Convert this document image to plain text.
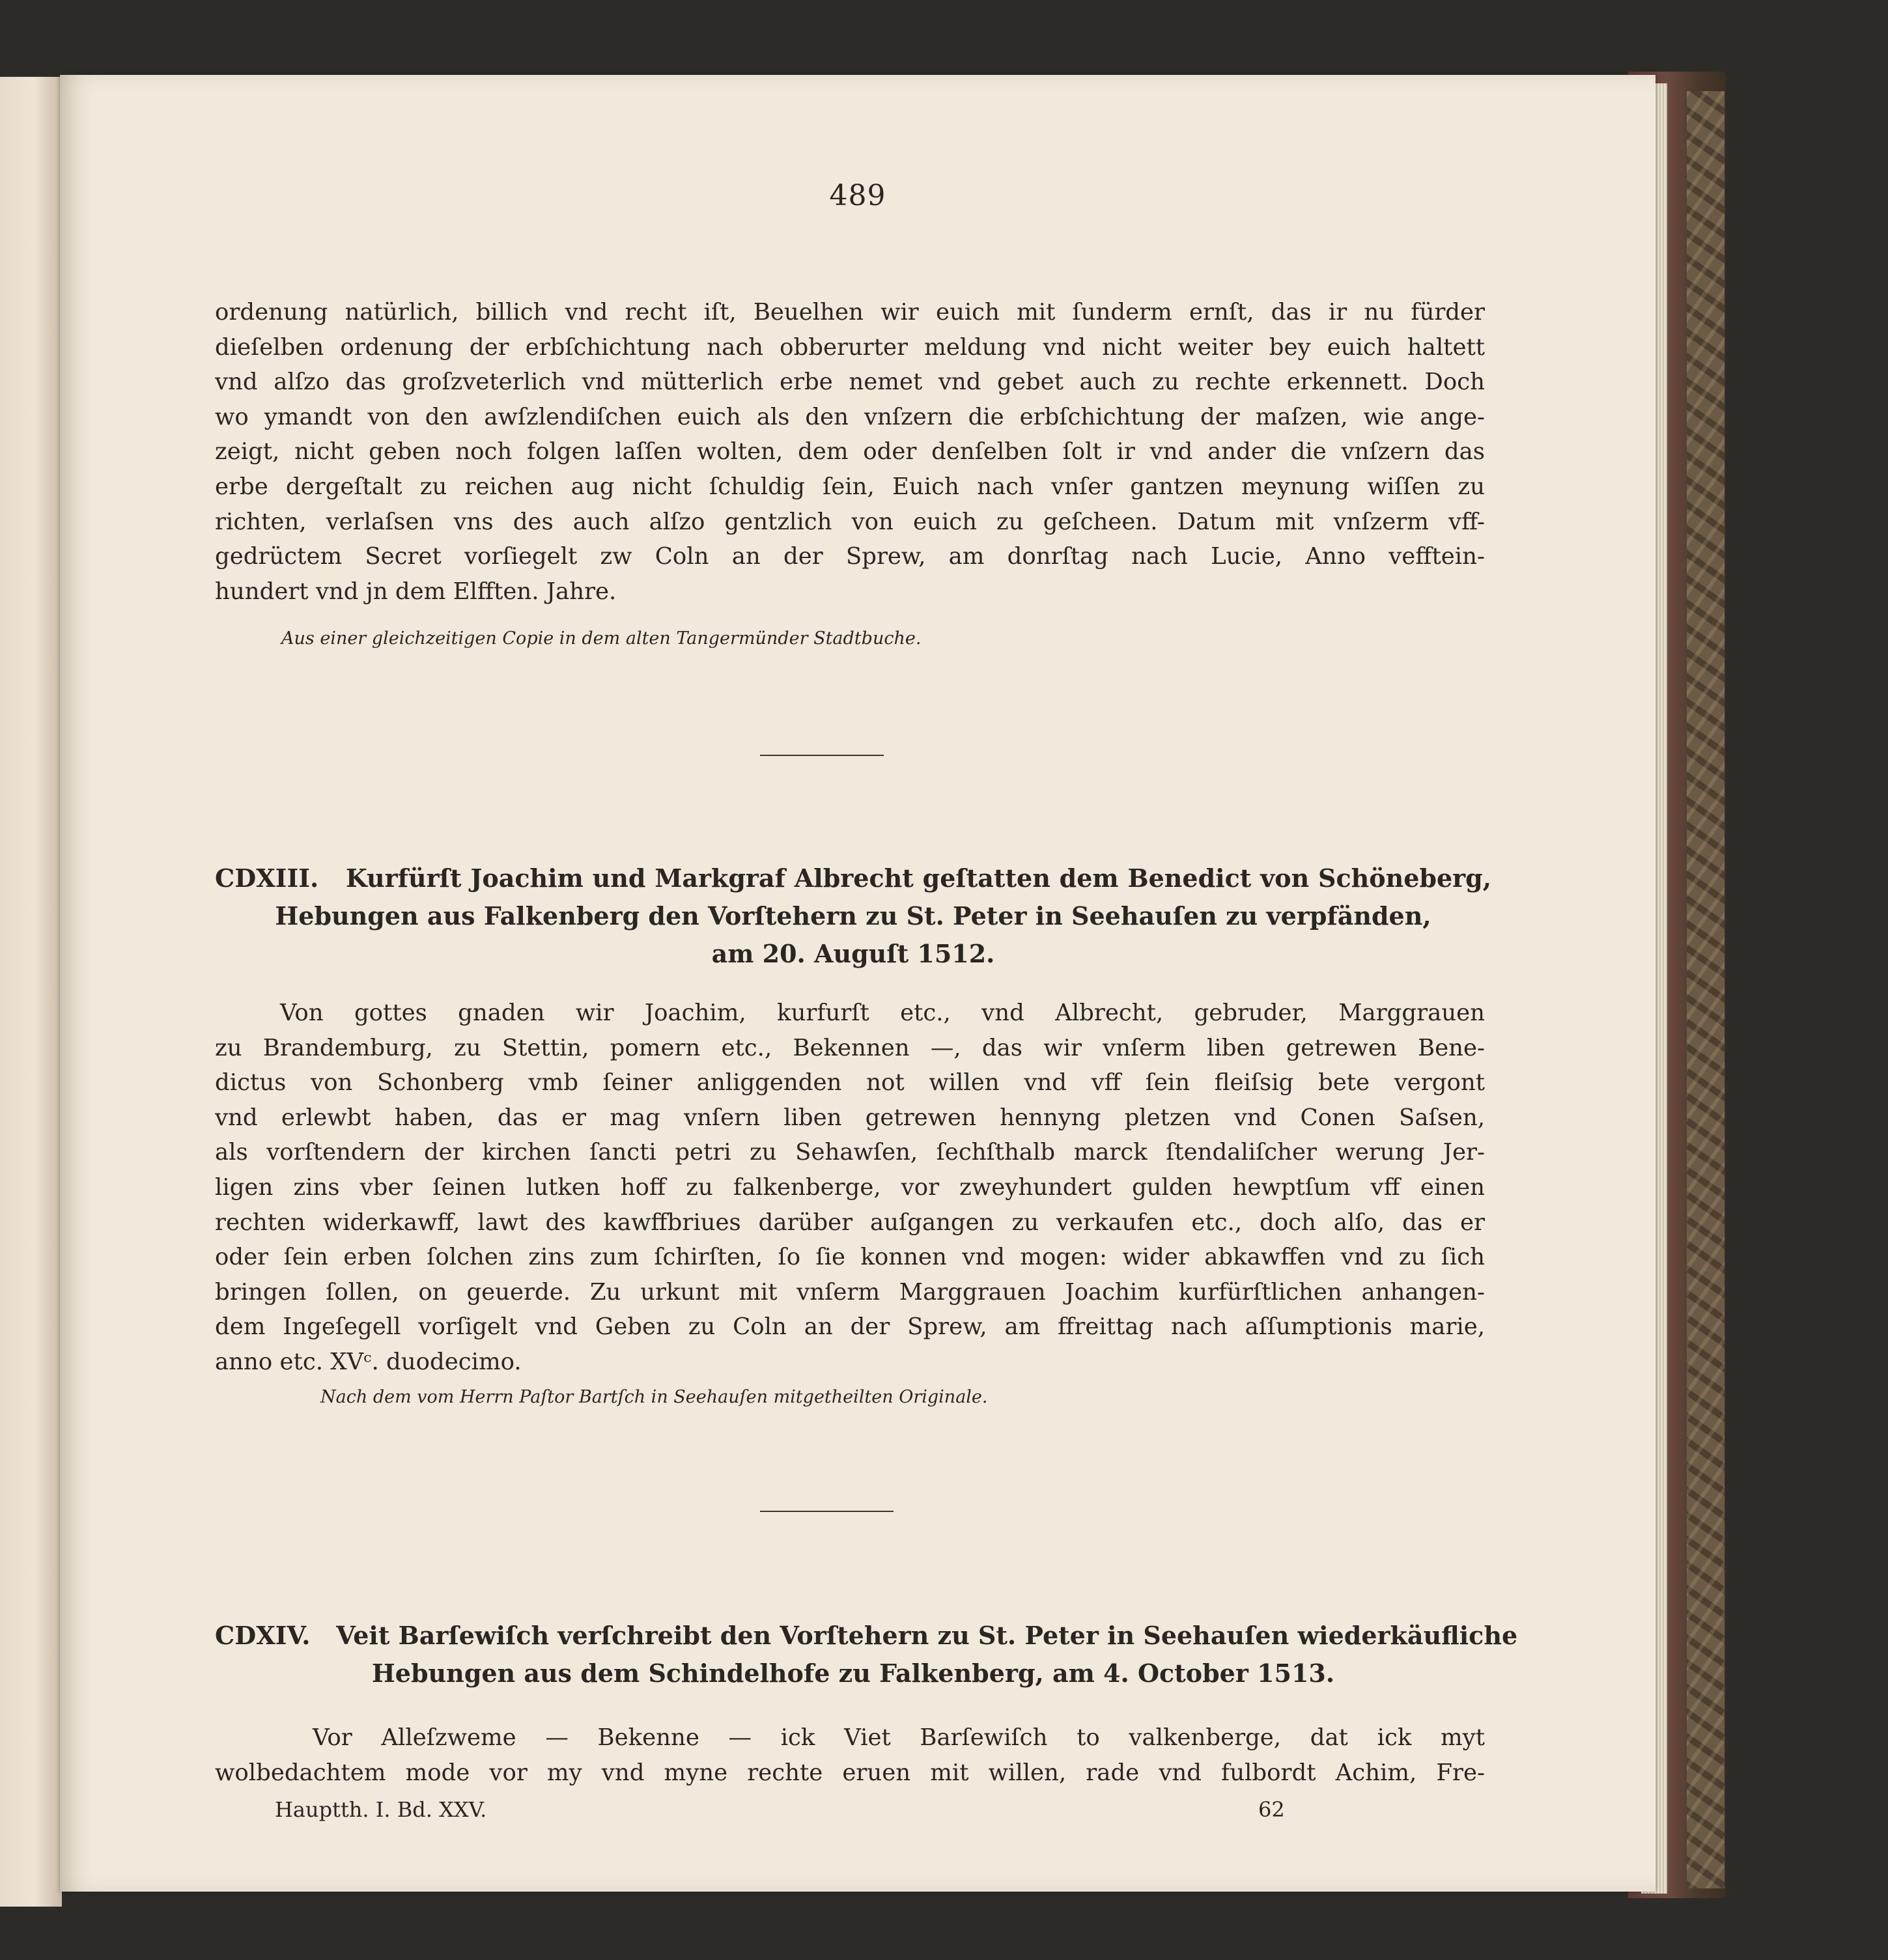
489
ordenung natürlich, billich vnd recht iſt, Beuelhen wir euich mit ſunderm ernſt, das ir nu fürder
dieſelben ordenung der erbſchichtung nach obberurter meldung vnd nicht weiter bey euich haltett
vnd alſzo das groſzveterlich vnd mütterlich erbe nemet vnd gebet auch zu rechte erkennett. Doch
wo ymandt von den awſzlendiſchen euich als den vnſzern die erbſchichtung der maſzen, wie ange-
zeigt, nicht geben noch folgen laſſen wolten, dem oder denſelben ſolt ir vnd ander die vnſzern das
erbe dergeſtalt zu reichen aug nicht ſchuldig ſein, Euich nach vnſer gantzen meynung wiſſen zu
richten, verlaſsen vns des auch alſzo gentzlich von euich zu geſcheen. Datum mit vnſzerm vff-
gedrüctem Secret vorſiegelt zw Coln an der Sprew, am donrſtag nach Lucie, Anno vefftein-
hundert vnd jn dem Elfften. Jahre.
Aus einer gleichzeitigen Copie in dem alten Tangermünder Stadtbuche.
CDXIII. Kurfürſt Joachim und Markgraf Albrecht geſtatten dem Benedict von Schöneberg,
Hebungen aus Falkenberg den Vorſtehern zu St. Peter in Seehauſen zu verpfänden,
am 20. Auguſt 1512.
Von gottes gnaden wir Joachim, kurfurſt etc., vnd Albrecht, gebruder, Marggrauen
zu Brandemburg, zu Stettin, pomern etc., Bekennen —, das wir vnſerm liben getrewen Bene-
dictus von Schonberg vmb ſeiner anliggenden not willen vnd vff ſein fleiſsig bete vergont
vnd erlewbt haben, das er mag vnſern liben getrewen hennyng pletzen vnd Conen Saſsen,
als vorſtendern der kirchen ſancti petri zu Sehawſen, ſechſthalb marck ſtendaliſcher werung Jer-
ligen zins vber ſeinen lutken hoff zu falkenberge, vor zweyhundert gulden hewptſum vff einen
rechten widerkawff, lawt des kawffbriues darüber auſgangen zu verkaufen etc., doch alſo, das er
oder ſein erben ſolchen zins zum ſchirſten, ſo ſie konnen vnd mogen: wider abkawffen vnd zu ſich
bringen ſollen, on geuerde. Zu urkunt mit vnſerm Marggrauen Joachim kurfürſtlichen anhangen-
dem Ingeſegell vorſigelt vnd Geben zu Coln an der Sprew, am ffreittag nach aſſumptionis marie,
anno etc. XVᶜ. duodecimo.
Nach dem vom Herrn Paſtor Bartſch in Seehauſen mitgetheilten Originale.
CDXIV. Veit Barſewiſch verſchreibt den Vorſtehern zu St. Peter in Seehauſen wiederkäufliche
Hebungen aus dem Schindelhofe zu Falkenberg, am 4. October 1513.
Vor Alleſzweme — Bekenne — ick Viet Barſewiſch to valkenberge, dat ick myt
wolbedachtem mode vor my vnd myne rechte eruen mit willen, rade vnd fulbordt Achim, Fre-
Hauptth. I. Bd. XXV.	62
